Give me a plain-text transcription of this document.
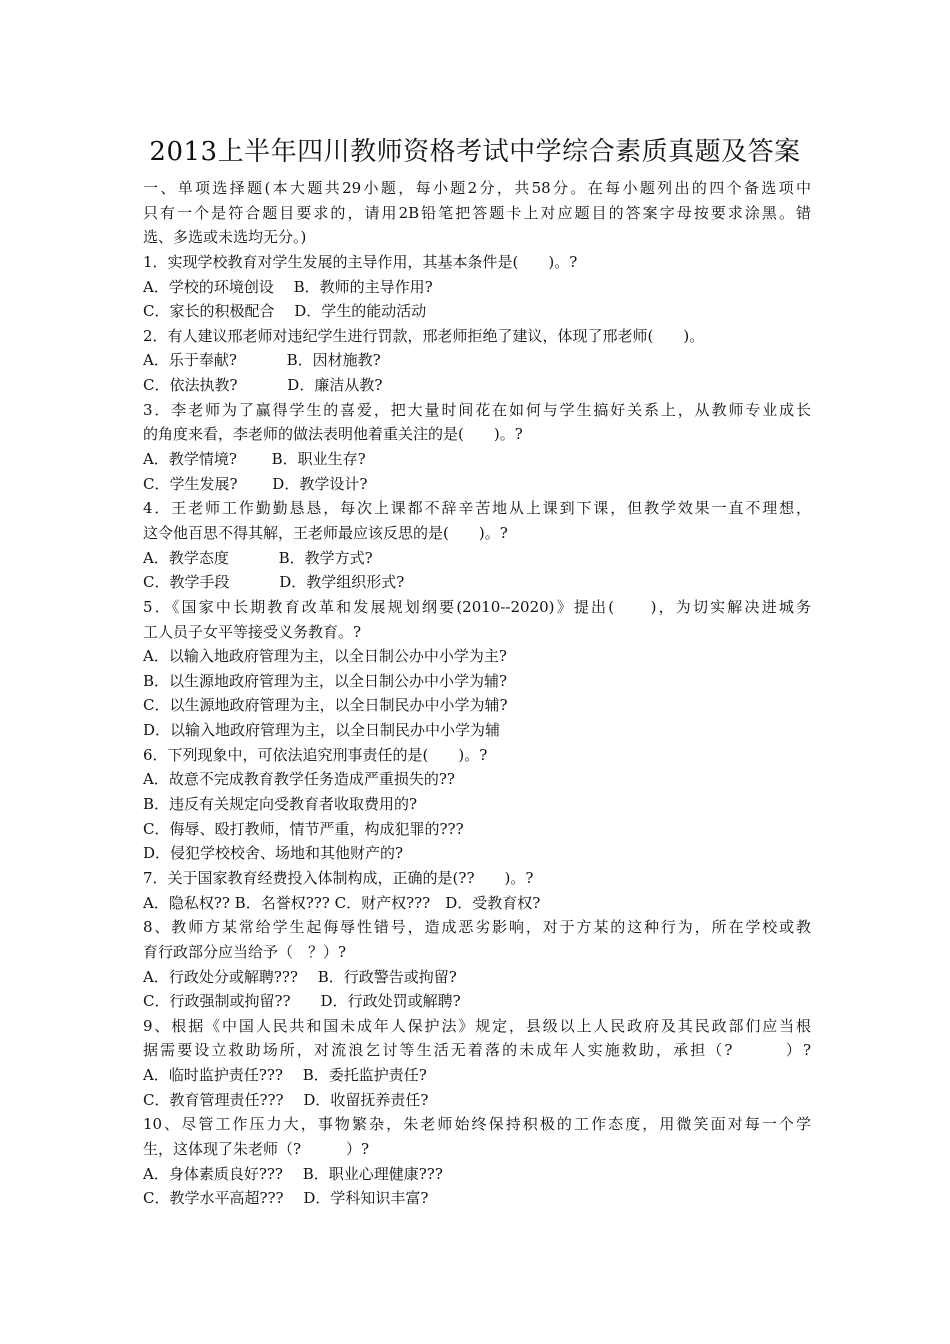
2013上半年四川教师资格考试中学综合素质真题及答案
一、单项选择题(本大题共29小题，每小题2分，共58分。在每小题列出的四个备选项中
只有一个是符合题目要求的，请用2B铅笔把答题卡上对应题目的答案字母按要求涂黑。错
选、多选或未选均无分。)
1．实现学校教育对学生发展的主导作用，其基本条件是(　　)。?
A．学校的环境创设　 B．教师的主导作用?
C．家长的积极配合　 D．学生的能动活动
2．有人建议邢老师对违纪学生进行罚款，邢老师拒绝了建议，体现了邢老师(　　)。
A．乐于奉献?　　　 B．因材施教?
C．依法执教?　　　 D．廉洁从教?
3．李老师为了赢得学生的喜爱，把大量时间花在如何与学生搞好关系上，从教师专业成长
的角度来看，李老师的做法表明他着重关注的是(　　)。?
A．教学情境?　　 B．职业生存?
C．学生发展?　　 D．教学设计?
4．王老师工作勤勤恳恳，每次上课都不辞辛苦地从上课到下课，但教学效果一直不理想，
这令他百思不得其解，王老师最应该反思的是(　　)。?
A．教学态度　　　 B．教学方式?
C．教学手段　　　 D．教学组织形式?
5．《国家中长期教育改革和发展规划纲要(2010--2020)》提出(　　)，为切实解决进城务
工人员子女平等接受义务教育。?
A．以输入地政府管理为主，以全日制公办中小学为主?
B．以生源地政府管理为主，以全日制公办中小学为辅?
C．以生源地政府管理为主，以全日制民办中小学为辅?
D．以输入地政府管理为主，以全日制民办中小学为辅
6．下列现象中，可依法追究刑事责任的是(　　)。?
A．故意不完成教育教学任务造成严重损失的??
B．违反有关规定向受教育者收取费用的?
C．侮辱、殴打教师，情节严重，构成犯罪的???
D．侵犯学校校舍、场地和其他财产的?
7．关于国家教育经费投入体制构成，正确的是(??　　)。?
A．隐私权?? B．名誉权??? C．财产权???　D．受教育权?
8、教师方某常给学生起侮辱性错号，造成恶劣影响，对于方某的这种行为，所在学校或教
育行政部分应当给予（　？）?
A．行政处分或解聘???　 B．行政警告或拘留?
C．行政强制或拘留??　　D．行政处罚或解聘?
9、根据《中国人民共和国未成年人保护法》规定，县级以上人民政府及其民政部们应当根
据需要设立救助场所，对流浪乞讨等生活无着落的未成年人实施救助，承担（?　　　）?
A．临时监护责任???　 B．委托监护责任?
C．教育管理责任???　 D．收留抚养责任?
10、尽管工作压力大，事物繁杂，朱老师始终保持积极的工作态度，用微笑面对每一个学
生，这体现了朱老师（?　　　）?
A．身体素质良好???　 B．职业心理健康???
C．教学水平高超???　 D．学科知识丰富?
